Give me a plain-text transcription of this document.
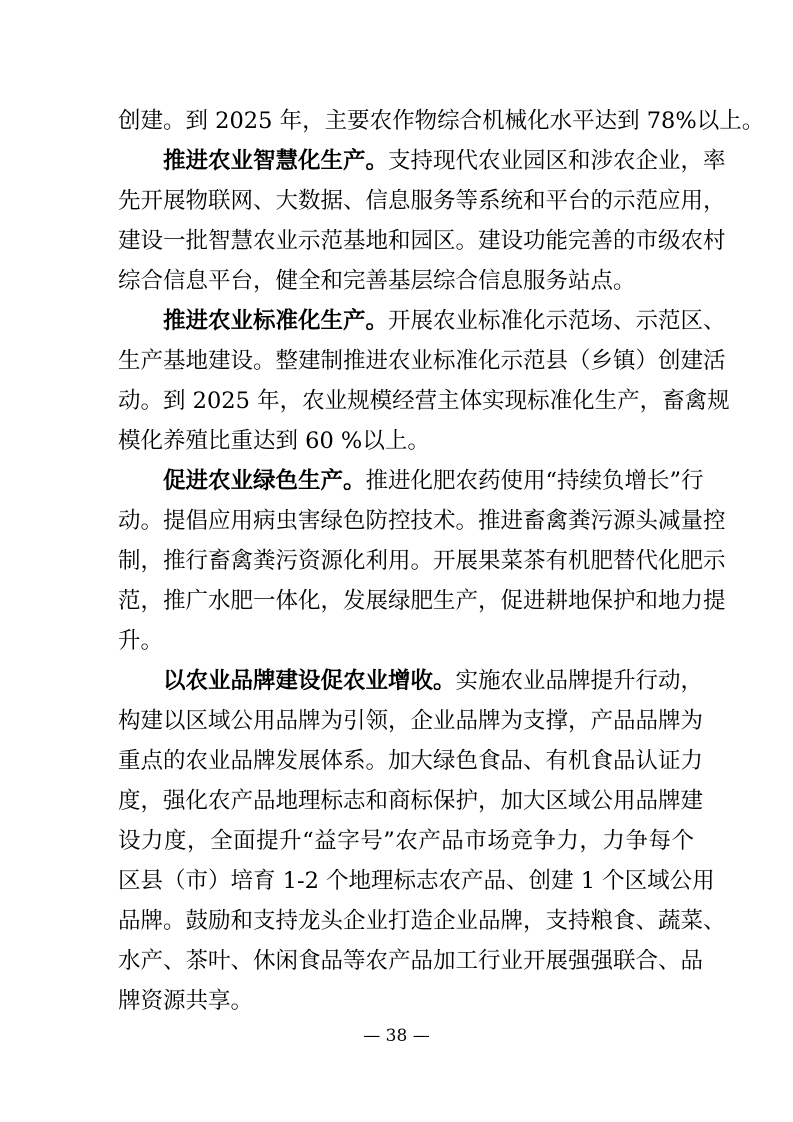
创建。到 2025 年，主要农作物综合机械化水平达到 78%以上。
推进农业智慧化生产。支持现代农业园区和涉农企业，率
先开展物联网、大数据、信息服务等系统和平台的示范应用，
建设一批智慧农业示范基地和园区。建设功能完善的市级农村
综合信息平台，健全和完善基层综合信息服务站点。
推进农业标准化生产。开展农业标准化示范场、示范区、
生产基地建设。整建制推进农业标准化示范县（乡镇）创建活
动。到 2025 年，农业规模经营主体实现标准化生产，畜禽规
模化养殖比重达到 60 %以上。
促进农业绿色生产。推进化肥农药使用“持续负增长”行
动。提倡应用病虫害绿色防控技术。推进畜禽粪污源头减量控
制，推行畜禽粪污资源化利用。开展果菜茶有机肥替代化肥示
范，推广水肥一体化，发展绿肥生产，促进耕地保护和地力提
升。
以农业品牌建设促农业增收。实施农业品牌提升行动，
构建以区域公用品牌为引领，企业品牌为支撑，产品品牌为
重点的农业品牌发展体系。加大绿色食品、有机食品认证力
度，强化农产品地理标志和商标保护，加大区域公用品牌建
设力度，全面提升“益字号”农产品市场竞争力，力争每个
区县（市）培育 1-2 个地理标志农产品、创建 1 个区域公用
品牌。鼓励和支持龙头企业打造企业品牌，支持粮食、蔬菜、
水产、茶叶、休闲食品等农产品加工行业开展强强联合、品
牌资源共享。
— 38 —
